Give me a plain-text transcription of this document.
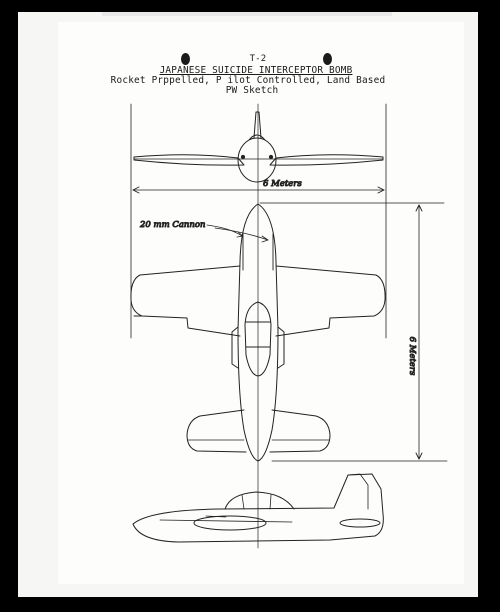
T-2
JAPANESE SUICIDE INTERCEPTOR BOMB
Rocket Prppelled, P ilot Controlled, Land Based
PW Sketch
6 Meters
6 Meters
20 mm Cannon
